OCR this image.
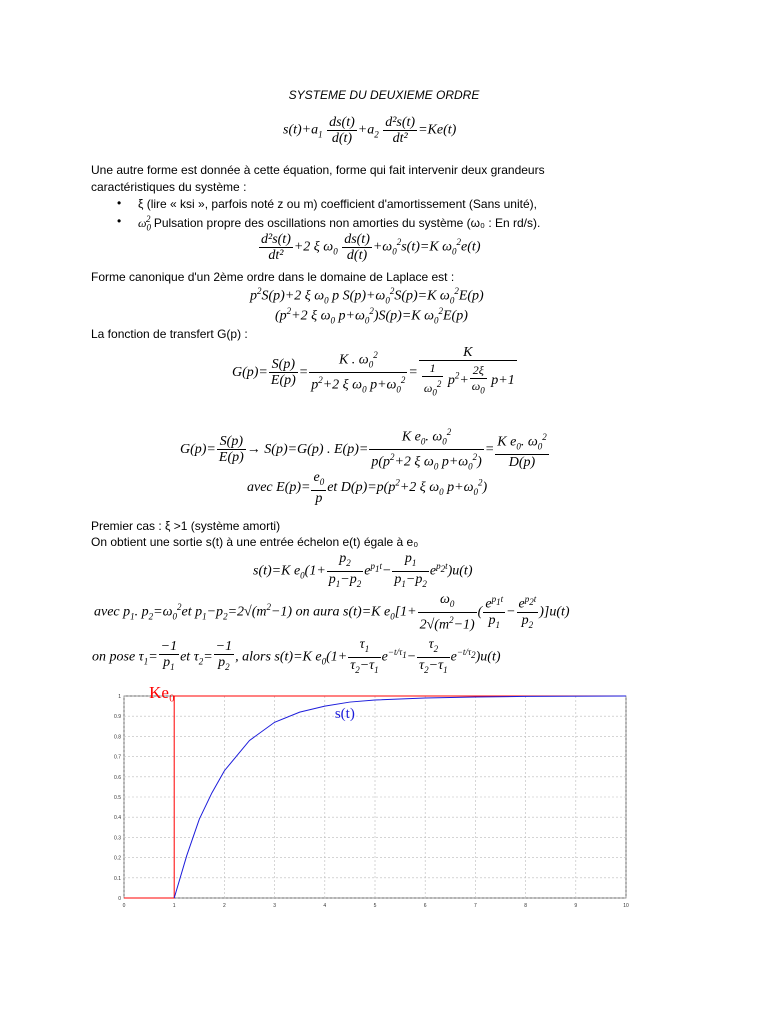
SYSTEME DU DEUXIEME ORDRE
$s(t)+a_1 \frac{ds(t)}{d(t)} +a_2 \frac{\text{d²s(t)}}{\text{dt²}} =Ke(t)$
Une autre forme est donnée à cette équation, forme qui fait intervenir deux grandeurs
caractéristiques du système :
• ξ (lire « ksi », parfois noté z ou m) coefficient d'amortissement (Sans unité),
• $\omega_0^2$ Pulsation propre des oscillations non amorties du système (ω₀ : En rd/s).
$\frac{\text{d²s(t)}}{\text{dt²}} +2$ ξ $\omega_0 \frac{ds(t)}{d(t)} +\omega_0^2s(t)=K$ $\omega_0^2e(t)$
Forme canonique d'un 2ème ordre dans le domaine de Laplace est :
$p^2S(p)+2$ ξ $\omega_0$ p $S(p)+\omega_0^2S(p)=K$ $\omega_0^2E(p)$
($p^2+2$ ξ $\omega_0$ $p+\omega_0^2)S(p)=K$ $\omega_0^2E(p)$
La fonction de transfert G(p) :
$G(p)= \frac{S(p)}{E(p)} = \frac{K . \omega_0^2}{p^2+2 \xi \omega_0 p+\omega_0^2} = \frac{K}{\frac{1}{\omega_0^2} p^2+ \frac{2\xi}{\omega_0} p+1}$
$G(p)= \frac{S(p)}{E(p)} \to S(p)=G(p)$ . $E(p)= \frac{K e_0. \omega_0^2}{p(p^2+2 \xi \omega_0 p+\omega_0^2)} = \frac{K e_0. \omega_0^2}{D(p)}$
avec $E(p)= \frac{e_0}{p}$ et $D(p)=p(p^2+2$ ξ $\omega_0$ $p+\omega_0^2$)
Premier cas : ξ >1 (système amorti)
On obtient une sortie s(t) à une entrée échelon e(t) égale à e₀
s(t)=K $e_0(1+ \frac{p_2}{p_1-p_2} e^{p_1t}- \frac{p_1}{p_1-p_2} e^{p_2t})u(t)$
avec $p_1$. $p_2=\omega_0^2et$ $p_1-p_2=2√(m^2-1)$ on aura s(t)=K $e_0[1+ \frac{\omega_0}{2√(m^2-1)}$ ( $\frac{e^{p_1t}}{p_1} - \frac{e^{p_2t}}{p_2} )]u(t)$
on pose $\tau_1= \frac{-1}{p_1}$ et $\tau_2= \frac{-1}{p_2}$ , alors s(t)=K $e_0(1+ \frac{\tau_1}{\tau_2-\tau_1} e^{-t/\tau_1}- \frac{\tau_2}{\tau_2-\tau_1} e^{-t/\tau_2})u(t)$
0	1	2	3	4	5	6	7	8	9	10
0
0.1
0.2
0.3
0.4
0.5
0.6
0.7
0.8
0.9
1 Ke₀
s(t)
